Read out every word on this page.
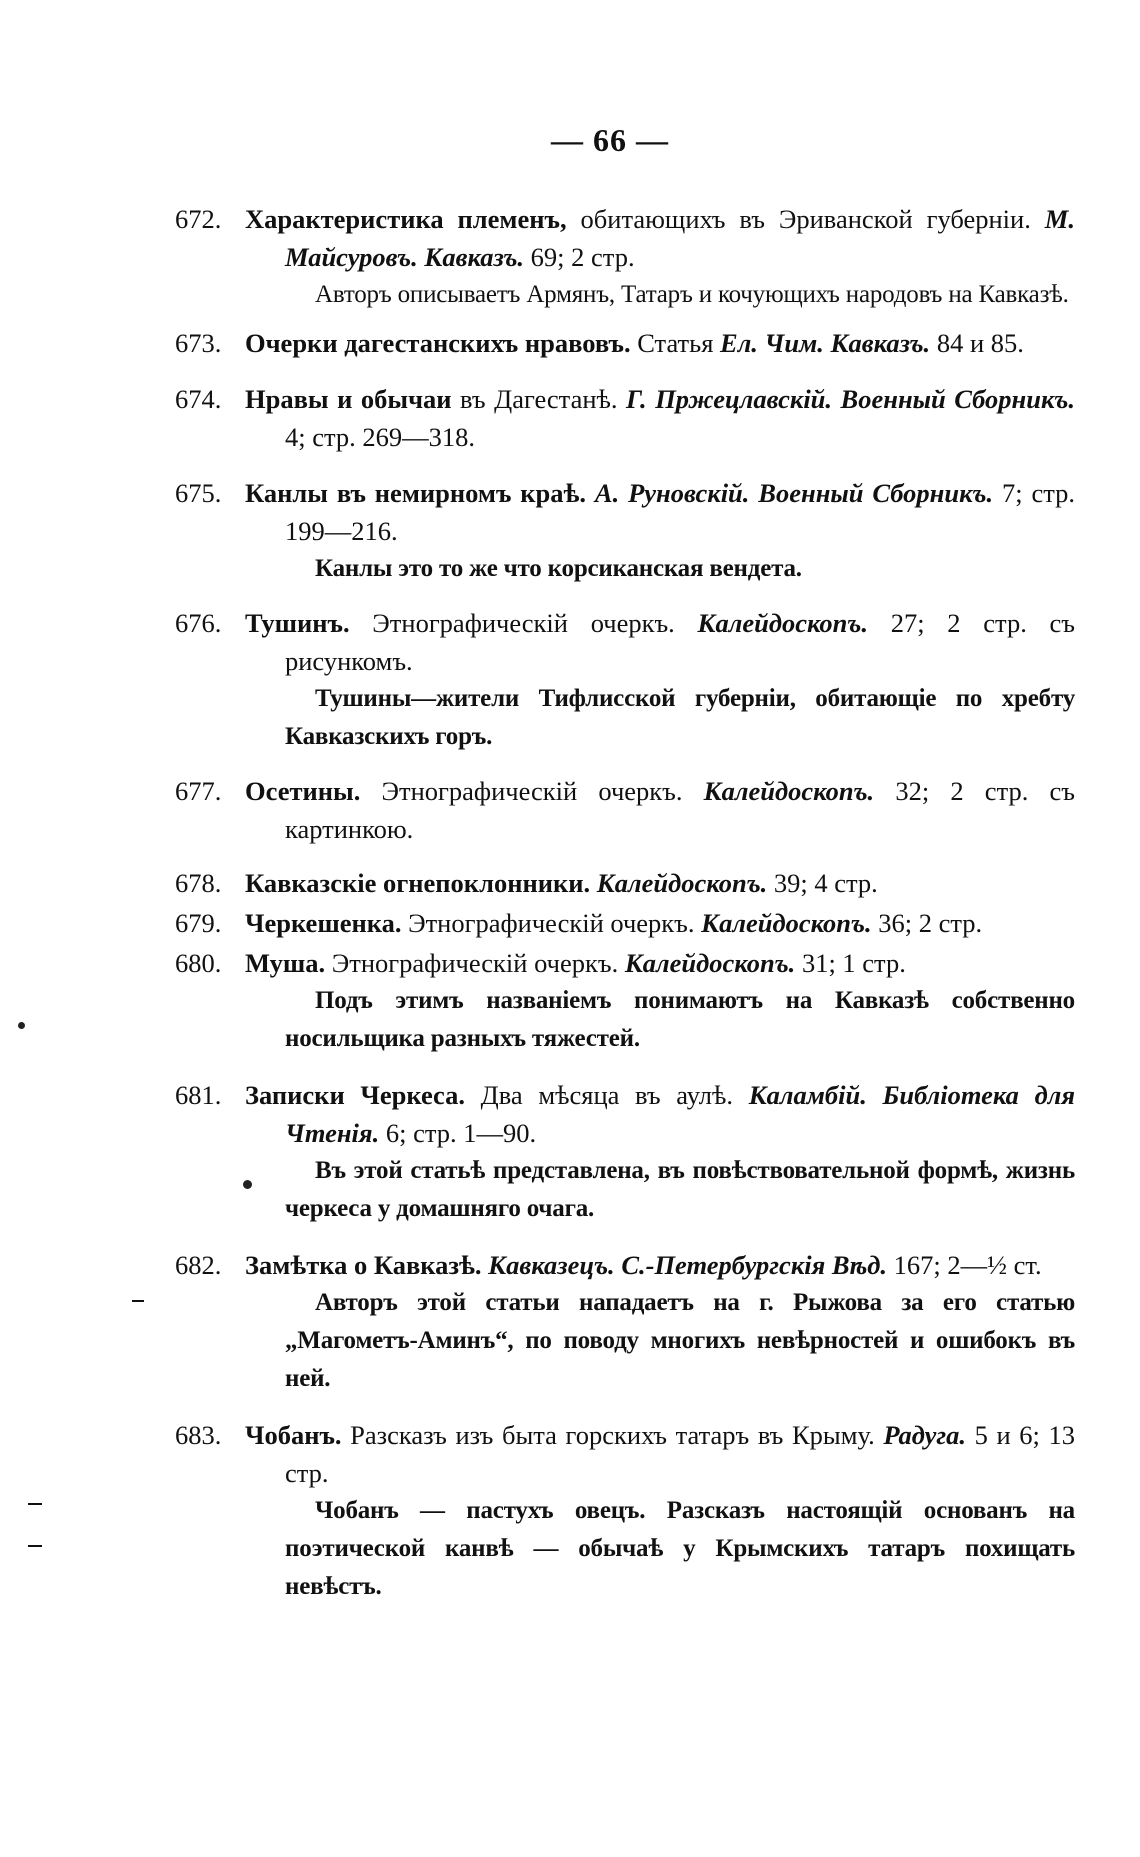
— 66 —
672. Характеристика племенъ, обитающихъ въ Эриванской губерніи. М. Майсуровъ. Кавказъ. 69; 2 стр.

Авторъ описываетъ Армянъ, Татаръ и кочующихъ народовъ на Кавказѣ.

673. Очерки дагестанскихъ нравовъ. Статья Ел. Чим. Кавказъ. 84 и 85.
674. Нравы и обычаи въ Дагестанѣ. Г. Пржецлавскій. Военный Сборникъ. 4; стр. 269—318.
675. Канлы въ немирномъ краѣ. А. Руновскій. Военный Сборникъ. 7; стр. 199—216.

Канлы это то же что корсиканская вендета.

676. Тушинъ. Этнографическій очеркъ. Калейдоскопъ. 27; 2 стр. съ рисункомъ.

Тушины—жители Тифлисской губерніи, обитающіе по хребту Кавказскихъ горъ.

677. Осетины. Этнографическій очеркъ. Калейдоскопъ. 32; 2 стр. съ картинкою.
678. Кавказскіе огнепоклонники. Калейдоскопъ. 39; 4 стр.
679. Черкешенка. Этнографическій очеркъ. Калейдоскопъ. 36; 2 стр.
680. Муша. Этнографическій очеркъ. Калейдоскопъ. 31; 1 стр.

Подъ этимъ названіемъ понимаютъ на Кавказѣ собственно носильщика разныхъ тяжестей.

681. Записки Черкеса. Два мѣсяца въ аулѣ. Каламбій. Библіотека для Чтенія. 6; стр. 1—90.

Въ этой статьѣ представлена, въ повѣствовательной формѣ, жизнь черкеса у домашняго очага.

682. Замѣтка о Кавказѣ. Кавказецъ. С.-Петербургскія Вѣд. 167; 2—½ ст.

Авторъ этой статьи нападаетъ на г. Рыжова за его статью „Магометъ-Аминъ“, по поводу многихъ невѣрностей и ошибокъ въ ней.

683. Чобанъ. Разсказъ изъ быта горскихъ татаръ въ Крыму. Радуга. 5 и 6; 13 стр.

Чобанъ — пастухъ овецъ. Разсказъ настоящій основанъ на поэтической канвѣ — обычаѣ у Крымскихъ татаръ похищать невѣстъ.
